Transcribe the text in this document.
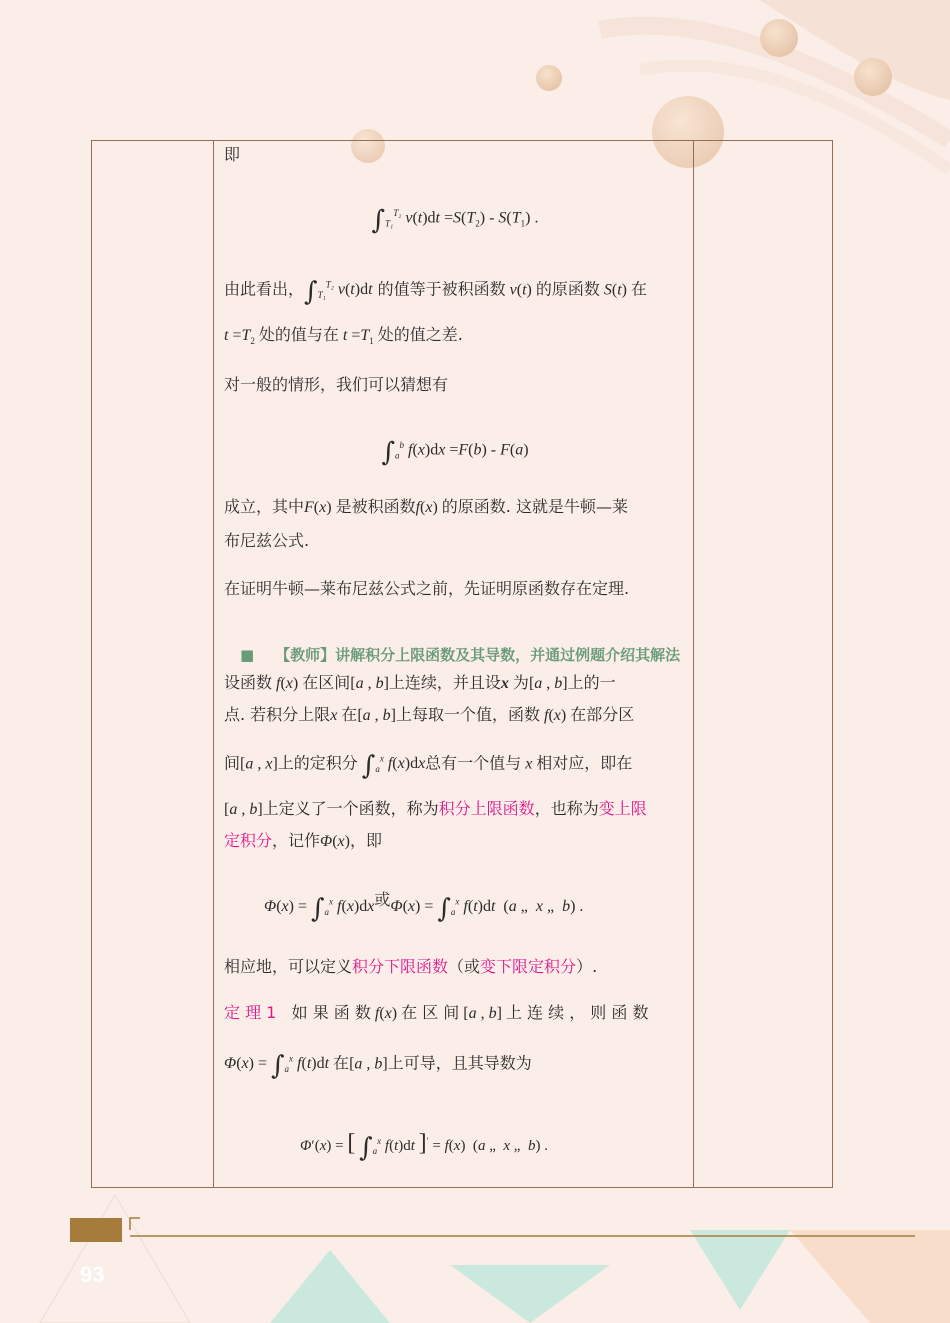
即
$\int_{T_1}^{T_2}$ $v(t)dt =S(T_2) - S(T_1)$ .
由此看出，$\int_{T_1}^{T_2}$ v(t)dt 的值等于被积函数 v(t) 的原函数 S(t) 在
$t =T_2$ 处的值与在 $t =T_1$ 处的值之差.
对一般的情形，我们可以猜想有
$\int_a^b$ f(x)dx =F(b) - F(a)
成立，其中F(x) 是被积函数f(x) 的原函数. 这就是牛顿—莱
布尼兹公式.
在证明牛顿—莱布尼兹公式之前，先证明原函数存在定理.
■ 【教师】讲解积分上限函数及其导数，并通过例题介绍其解法
设函数 f(x) 在区间[a , b]上连续，并且设x 为[a , b]上的一
点. 若积分上限x 在[a , b]上每取一个值，函数 f(x) 在部分区
间[a , x]上的定积分 $\int_a^x$ f(x)dx总有一个值与 x 相对应，即在
[a , b]上定义了一个函数，称为积分上限函数，也称为变上限
定积分，记作Φ(x)，即
$\Phi(x) = \int_a^x$ f(x)dx或$\Phi(x) = \int_a^x$ f(t)dt  (a „  x „  b) .
相应地，可以定义积分下限函数（或变下限定积分）.
定 理 1 如 果 函 数 f(x) 在 区 间 [a , b] 上 连 续 ， 则 函 数
$\Phi(x) = \int_a^x$ f(t)dt 在[a , b]上可导，且其导数为
Φ′(x) = [ $\int_a^x$ f(t)dt ]′ = f(x)  (a „  x „  b) .
93
